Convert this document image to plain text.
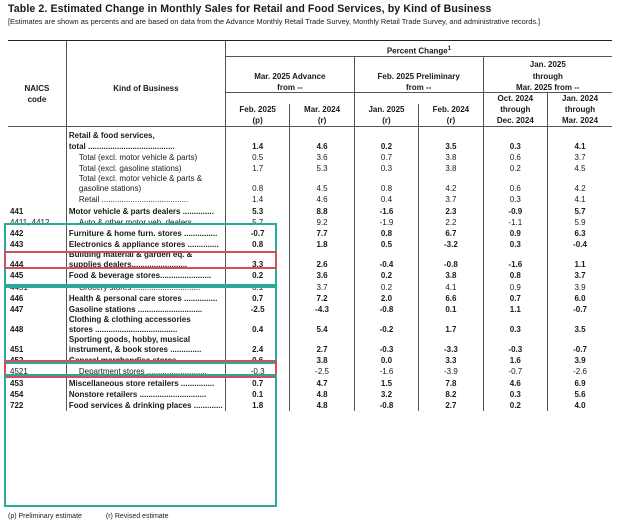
Table 2. Estimated Change in Monthly Sales for Retail and Food Services, by Kind of Business
[Estimates are shown as percents and are based on data from the Advance Monthly Retail Trade Survey, Monthly Retail Trade Survey, and administrative records.]

		Percent Change$^1$
						Jan. 2025	
		Mar. 2025 Advance		Feb. 2025 Preliminary		through	
NAICS	Kind of Business	from --		from --		Mar. 2025 from --	
code						Oct. 2024	Jan. 2024
		Feb. 2025	Mar. 2024	Jan. 2025	Feb. 2024	through	through
		(p)	(r)	(r)	(r)	Dec. 2024	Mar. 2024

	Retail & food services,						

	total .......................................	1.4	4.6	0.2	3.5	0.3	4.1

	Total (excl. motor vehicle & parts)	0.5	3.6	0.7	3.8	0.6	3.7

	Total (excl. gasoline stations)	1.7	5.3	0.3	3.8	0.2	4.5

	Total (excl. motor vehicle & parts &
gasoline stations)	0.8	4.5	0.8	4.2	0.6	4.2

	Retail .......................................	1.4	4.6	0.4	3.7	0.3	4.1
441	Motor vehicle & parts dealers ..............	5.3	8.8	-1.6	2.3	-0.9	5.7
4411, 4412	Auto & other motor veh. dealers .....	5.7	9.2	-1.9	2.2	-1.1	5.9
442	Furniture & home furn. stores ...............	-0.7	7.7	0.8	6.7	0.9	6.3
443	Electronics & appliance stores ..............	0.8	1.8	0.5	-3.2	0.3	-0.4
444	Building material & garden eq. &
supplies dealers.........................	3.3	2.6	-0.4	-0.8	-1.6	1.1
445	Food & beverage stores.......................	0.2	3.6	0.2	3.8	0.8	3.7
4451	Grocery stores ..............................	0.1	3.7	0.2	4.1	0.9	3.9
446	Health & personal care stores ...............	0.7	7.2	2.0	6.6	0.7	6.0
447	Gasoline stations .............................	-2.5	-4.3	-0.8	0.1	1.1	-0.7
448	Clothing & clothing accessories
stores .....................................	0.4	5.4	-0.2	1.7	0.3	3.5
451	Sporting goods, hobby, musical
instrument, & book stores ..............	2.4	2.7	-0.3	-3.3	-0.3	-0.7
452	General merchandise stores...................	0.6	3.8	0.0	3.3	1.6	3.9
4521	Department stores ...........................	-0.3	-2.5	-1.6	-3.9	-0.7	-2.6
453	Miscellaneous store retailers ...............	0.7	4.7	1.5	7.8	4.6	6.9
454	Nonstore retailers ..............................	0.1	4.8	3.2	8.2	0.3	5.6
722	Food services & drinking places .............	1.8	4.8	-0.8	2.7	0.2	4.0
(p) Preliminary estimate	(r) Revised estimate
